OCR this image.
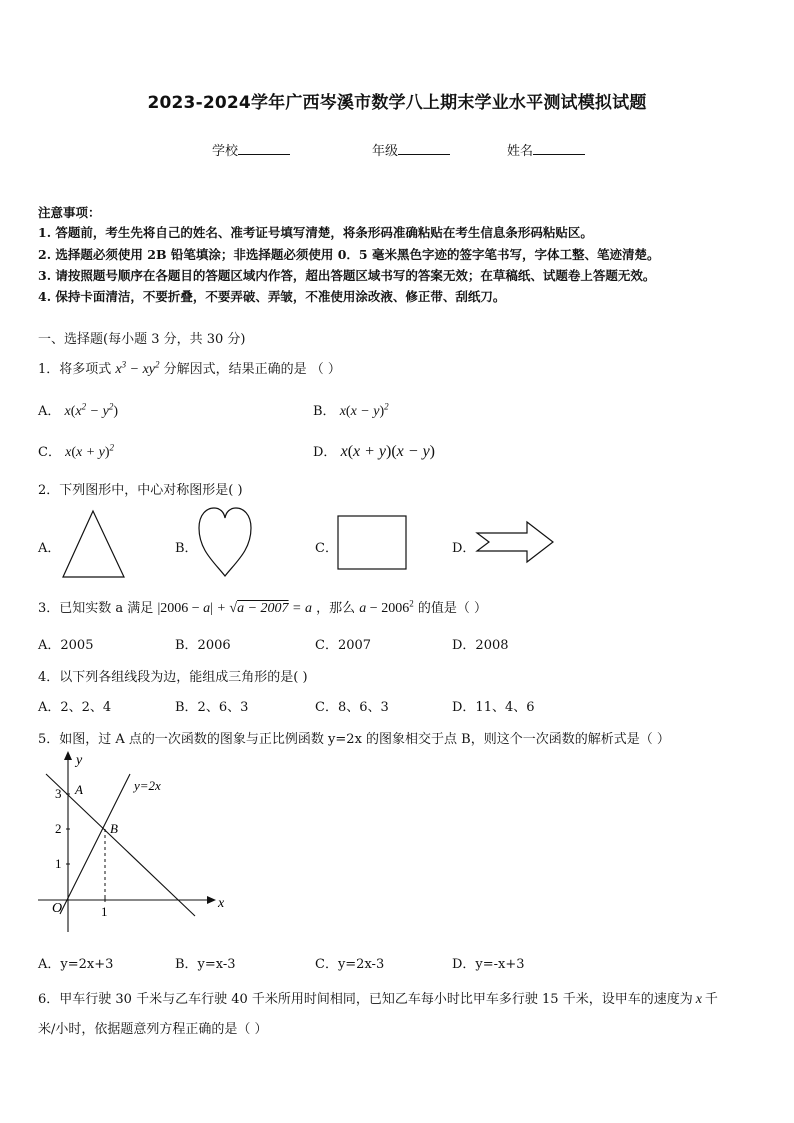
2023-2024学年广西岑溪市数学八上期末学业水平测试模拟试题
学校	年级	姓名
注意事项：
1. 答题前，考生先将自己的姓名、准考证号填写清楚，将条形码准确粘贴在考生信息条形码粘贴区。
2. 选择题必须使用 2B 铅笔填涂；非选择题必须使用 0．5 毫米黑色字迹的签字笔书写，字体工整、笔迹清楚。
3. 请按照题号顺序在各题目的答题区域内作答，超出答题区域书写的答案无效；在草稿纸、试题卷上答题无效。
4. 保持卡面清洁，不要折叠，不要弄破、弄皱，不准使用涂改液、修正带、刮纸刀。
一、选择题(每小题 3 分，共 30 分)
1．将多项式 $x^3 - xy^2$ 分解因式，结果正确的是 （ ）
A． $x(x^2 - y^2)$	B． $x(x - y)^2$
C． $x(x + y)^2$	D． x(x + y)(x − y)
2．下列图形中，中心对称图形是( )
A．	B．	C．	D．
3．已知实数 a 满足 |2006 − a| + √a − 2007 = a ，那么 $a - 2006^2$ 的值是（ ）
A．2005	B．2006	C．2007	D．2008
4．以下列各组线段为边，能组成三角形的是( )
A．2、2、4	B．2、6、3	C．8、6、3	D．11、4、6
5．如图，过 A 点的一次函数的图象与正比例函数 y=2x 的图象相交于点 B，则这个一次函数的解析式是（ ）
y
x
O
y=2x
A
B
3
2
1
1
A．y=2x+3	B．y=x-3	C．y=2x-3	D．y=-x+3
6．甲车行驶 30 千米与乙车行驶 40 千米所用时间相同，已知乙车每小时比甲车多行驶 15 千米，设甲车的速度为 x 千
米/小时，依据题意列方程正确的是（ ）
